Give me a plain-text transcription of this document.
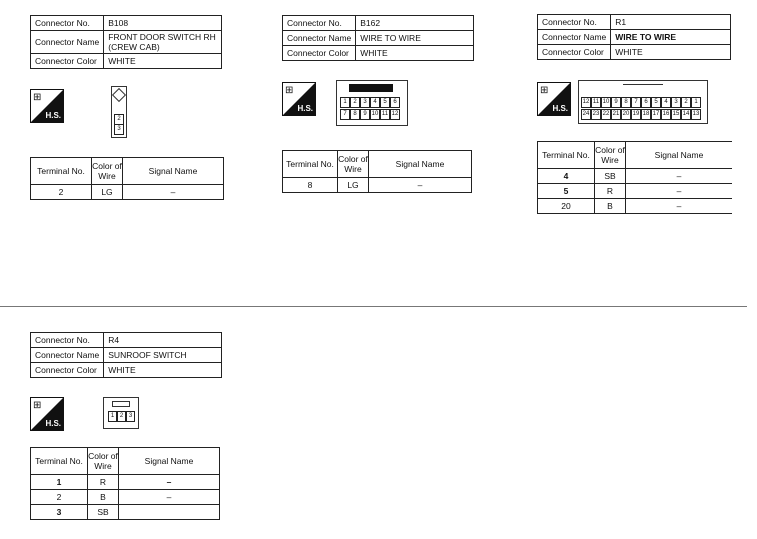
Connector No.	B108
Connector Name	FRONT DOOR SWITCH RH (CREW CAB)
Connector Color	WHITE
⊞
H.S.	2
3
Terminal No.	Color of Wire	Signal Name
2	LG	–
Connector No.	B162
Connector Name	WIRE TO WIRE
Connector Color	WHITE
⊞
H.S.
1	2	3	4	5	6
7	8	9 10 11 12
Terminal No.	Color of Wire	Signal Name
8	LG	–
Connector No.	R1
Connector Name	WIRE TO WIRE
Connector Color	WHITE
⊞
H.S.
12 11 10 9	8	7	6	5	4	3	2	1
24 23 22 21 20 19 18 17 16 15 14 13
Terminal No.	Color of Wire	Signal Name
4	SB	–
5	R	–
20	B	–
Connector No.	R4
Connector Name	SUNROOF SWITCH
Connector Color	WHITE
⊞
H.S.
1 2 3
Terminal No.	Color of Wire	Signal Name
1	R	–
2	B	–
3	SB	
